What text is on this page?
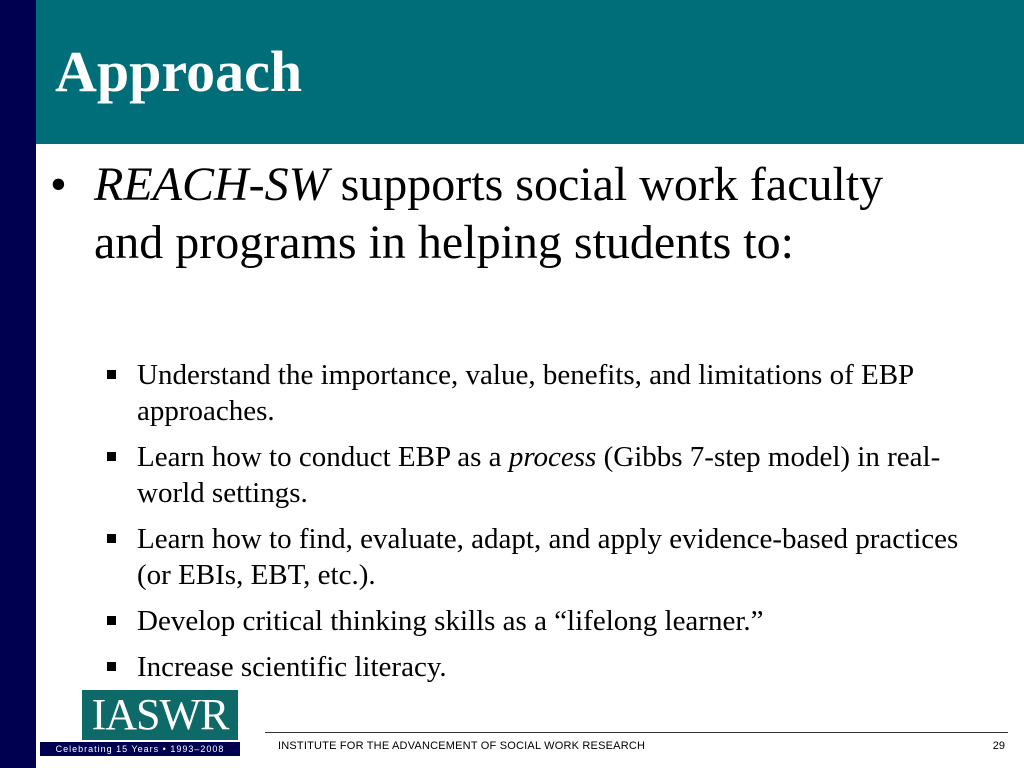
Approach
• REACH-SW supports social work faculty and programs in helping students to:
Understand the importance, value, benefits, and limitations of EBP approaches.
Learn how to conduct EBP as a process (Gibbs 7-step model) in real-world settings.
Learn how to find, evaluate, adapt, and apply evidence-based practices (or EBIs, EBT, etc.).
Develop critical thinking skills as a “lifelong learner.”
Increase scientific literacy.
IASWR
Celebrating 15 Years • 1993–2008	INSTITUTE FOR THE ADVANCEMENT OF SOCIAL WORK RESEARCH	29
